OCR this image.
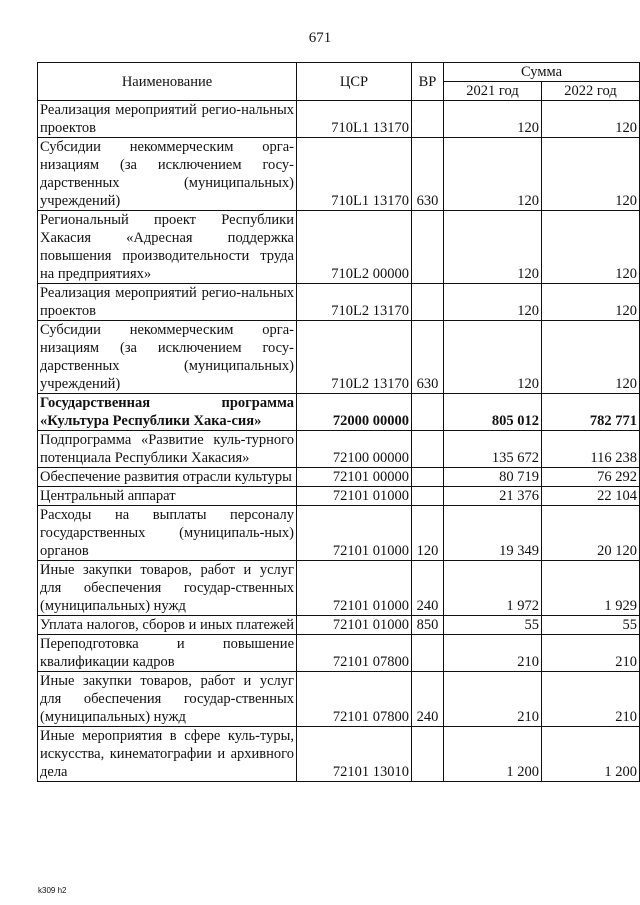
671
Наименование	ЦСР	ВР	Сумма	
			2021 год	2022 год
Реализация мероприятий регио-нальных проектов	710L1 13170		120	120
Субсидии некоммерческим орга-низациям (за исключением госу-дарственных (муниципальных) учреждений)	710L1 13170	630	120	120
Региональный проект Республики Хакасия «Адресная поддержка повышения производительности труда на предприятиях»	710L2 00000		120	120
Реализация мероприятий регио-нальных проектов	710L2 13170		120	120
Субсидии некоммерческим орга-низациям (за исключением госу-дарственных (муниципальных) учреждений)	710L2 13170	630	120	120
Государственная программа «Культура Республики Хака-сия»	72000 00000		805 012	782 771
Подпрограмма «Развитие куль-турного потенциала Республики Хакасия»	72100 00000		135 672	116 238
Обеспечение развития отрасли культуры	72101 00000		80 719	76 292
Центральный аппарат	72101 01000		21 376	22 104
Расходы на выплаты персоналу государственных (муниципаль-ных) органов	72101 01000	120	19 349	20 120
Иные закупки товаров, работ и услуг для обеспечения государ-ственных (муниципальных) нужд	72101 01000	240	1 972	1 929
Уплата налогов, сборов и иных платежей	72101 01000	850	55	55
Переподготовка и повышение квалификации кадров	72101 07800		210	210
Иные закупки товаров, работ и услуг для обеспечения государ-ственных (муниципальных) нужд	72101 07800	240	210	210
Иные мероприятия в сфере куль-туры, искусства, кинематографии и архивного дела	72101 13010		1 200	1 200
k309 h2
